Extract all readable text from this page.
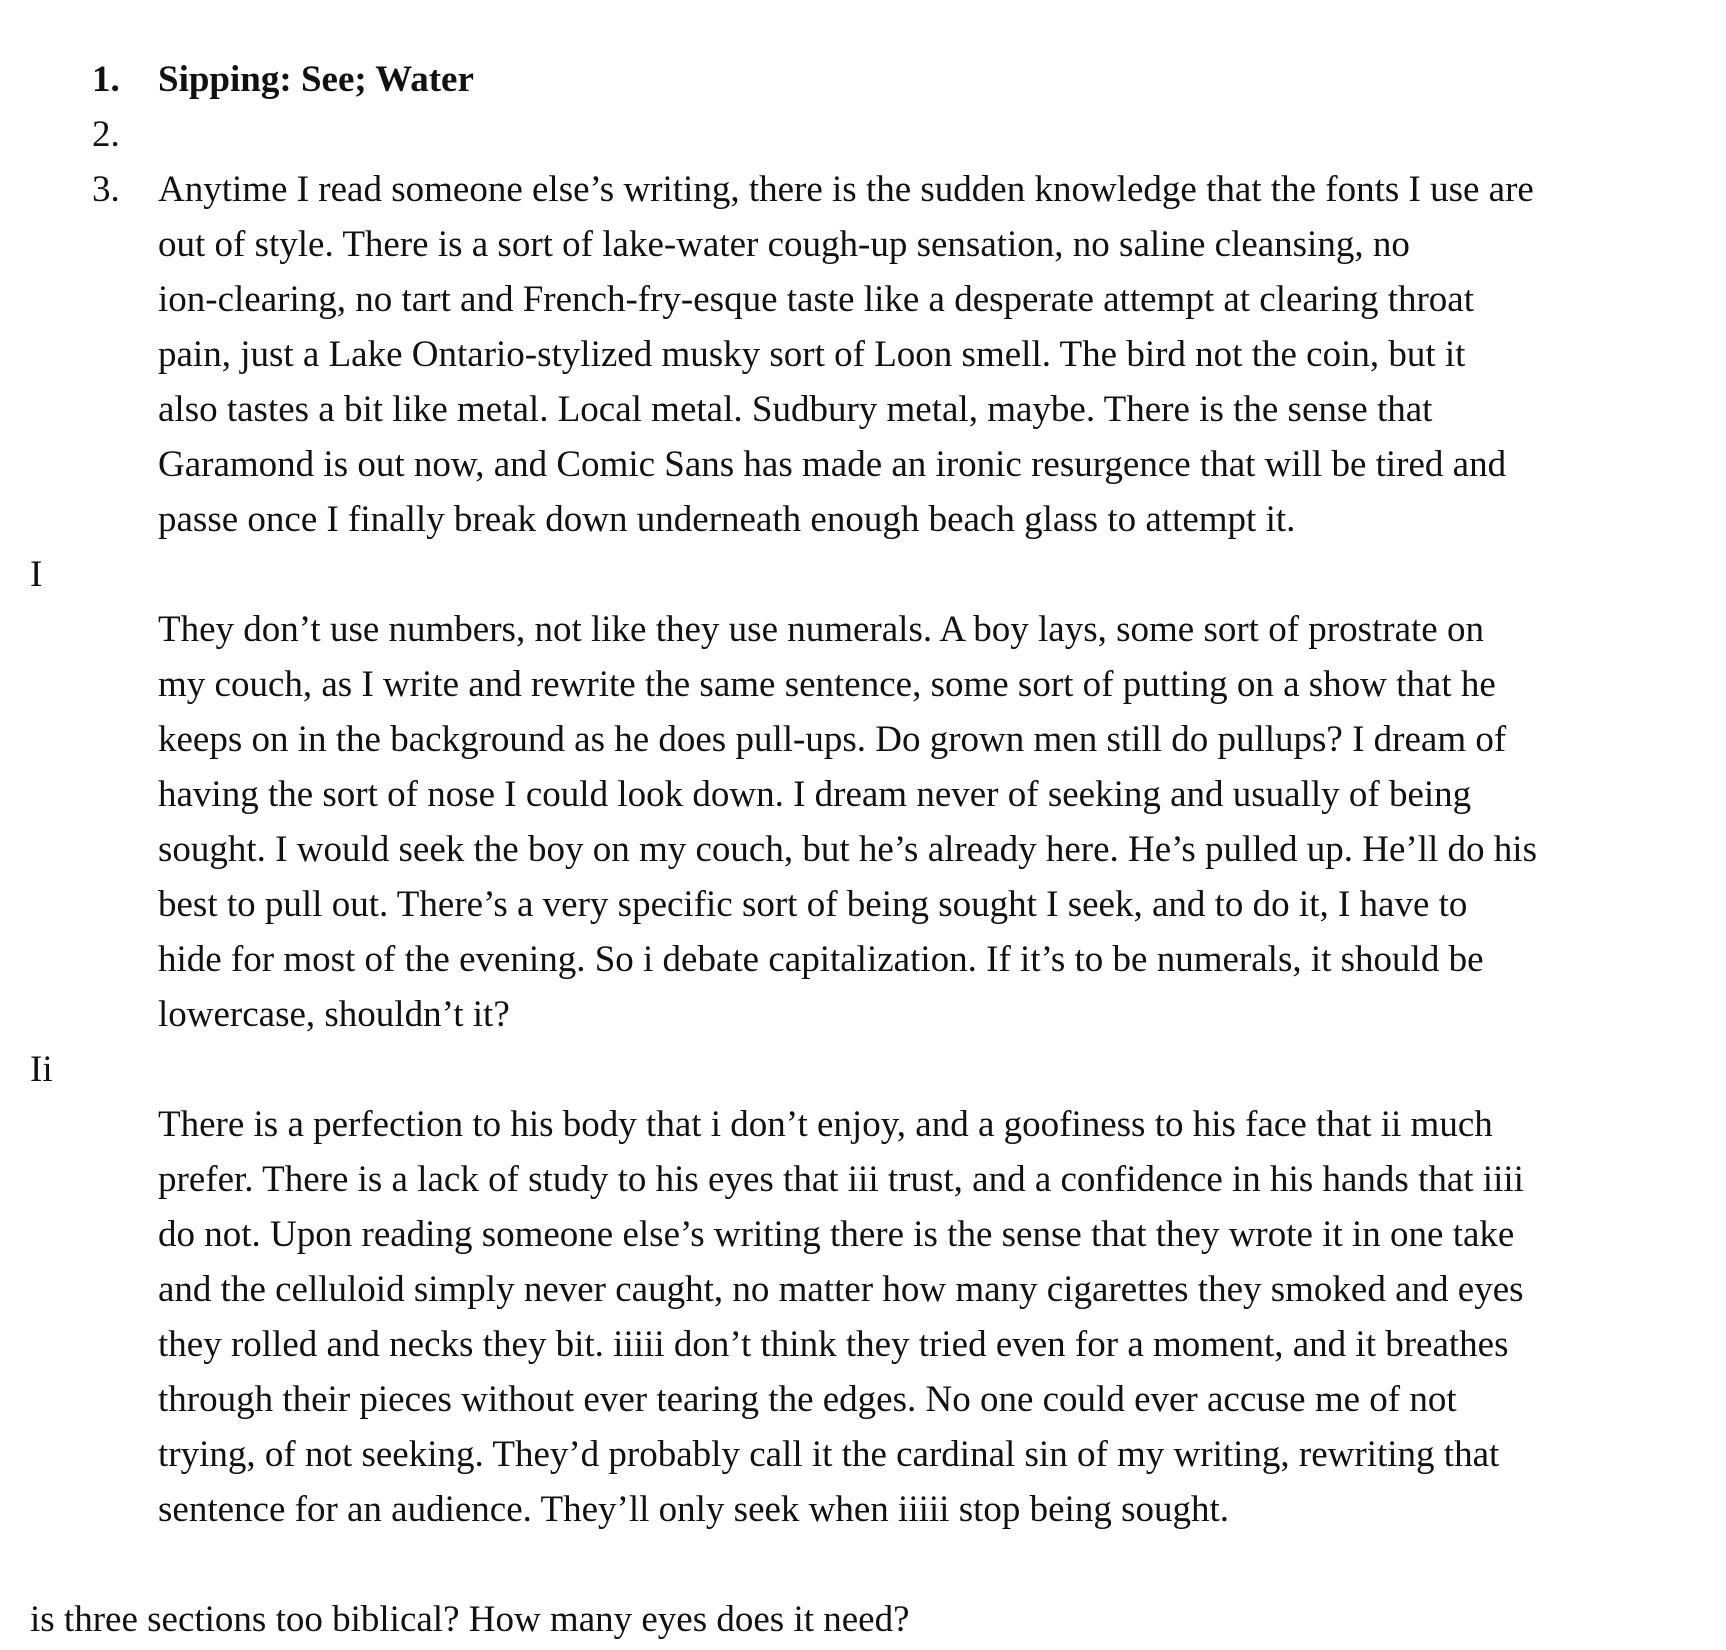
1. Sipping: See; Water
2.
3. Anytime I read someone else’s writing, there is the sudden knowledge that the fonts I use are
out of style. There is a sort of lake-water cough-up sensation, no saline cleansing, no
ion-clearing, no tart and French-fry-esque taste like a desperate attempt at clearing throat
pain, just a Lake Ontario-stylized musky sort of Loon smell. The bird not the coin, but it
also tastes a bit like metal. Local metal. Sudbury metal, maybe. There is the sense that
Garamond is out now, and Comic Sans has made an ironic resurgence that will be tired and
passe once I finally break down underneath enough beach glass to attempt it.
I
They don’t use numbers, not like they use numerals. A boy lays, some sort of prostrate on
my couch, as I write and rewrite the same sentence, some sort of putting on a show that he
keeps on in the background as he does pull-ups. Do grown men still do pullups? I dream of
having the sort of nose I could look down. I dream never of seeking and usually of being
sought. I would seek the boy on my couch, but he’s already here. He’s pulled up. He’ll do his
best to pull out. There’s a very specific sort of being sought I seek, and to do it, I have to
hide for most of the evening. So i debate capitalization. If it’s to be numerals, it should be
lowercase, shouldn’t it?
Ii
There is a perfection to his body that i don’t enjoy, and a goofiness to his face that ii much
prefer. There is a lack of study to his eyes that iii trust, and a confidence in his hands that iiii
do not. Upon reading someone else’s writing there is the sense that they wrote it in one take
and the celluloid simply never caught, no matter how many cigarettes they smoked and eyes
they rolled and necks they bit. iiiii don’t think they tried even for a moment, and it breathes
through their pieces without ever tearing the edges. No one could ever accuse me of not
trying, of not seeking. They’d probably call it the cardinal sin of my writing, rewriting that
sentence for an audience. They’ll only seek when iiiii stop being sought.
is three sections too biblical? How many eyes does it need?
